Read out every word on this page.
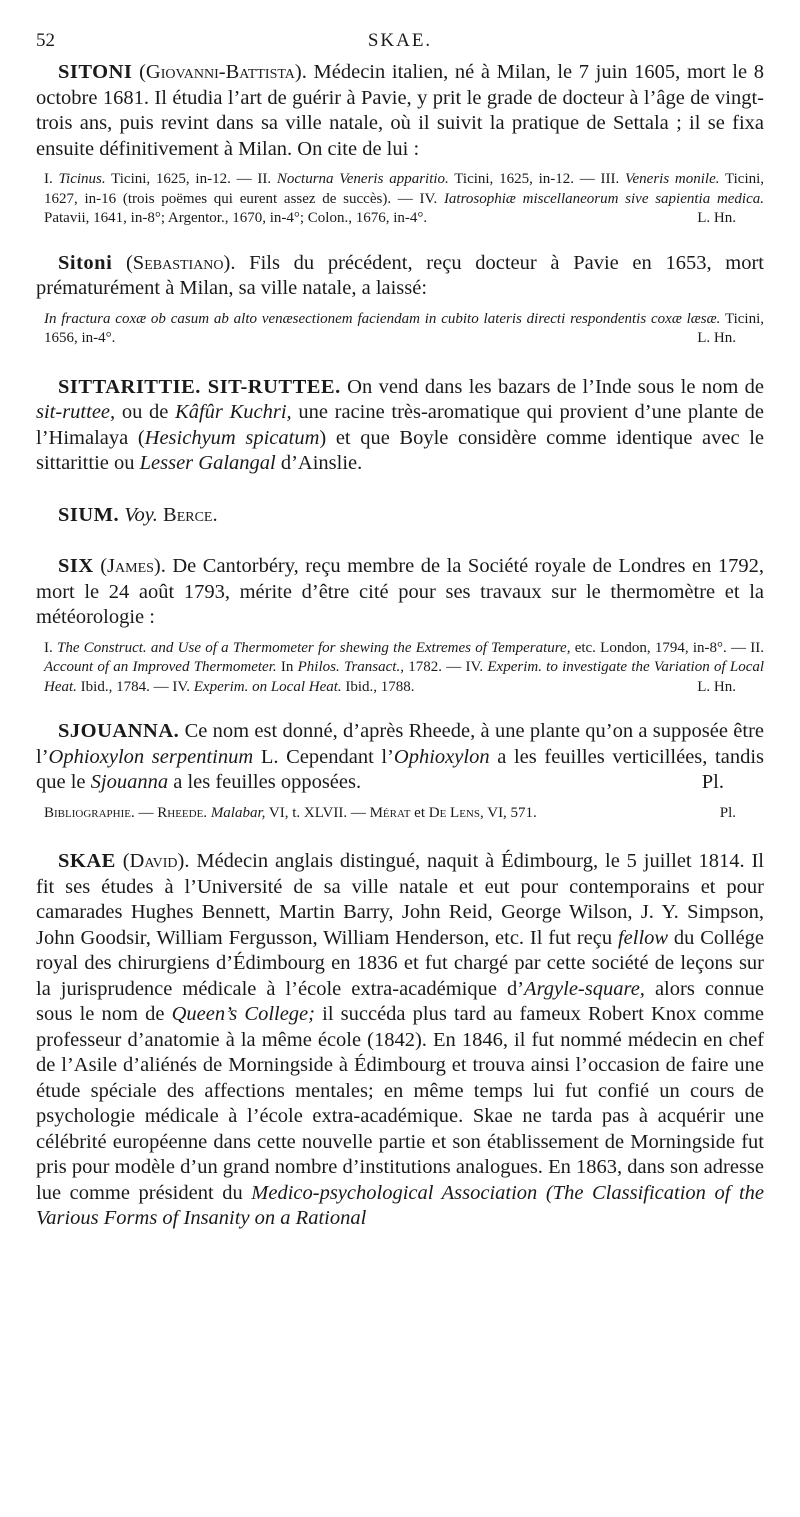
52	SKAE.

SITONI (Giovanni-Battista). Médecin italien, né à Milan, le 7 juin 1605, mort le 8 octobre 1681. Il étudia l’art de guérir à Pavie, y prit le grade de docteur à l’âge de vingt-trois ans, puis revint dans sa ville natale, où il suivit la pratique de Settala ; il se fixa ensuite définitivement à Milan. On cite de lui :

I. Ticinus. Ticini, 1625, in-12. — II. Nocturna Veneris apparitio. Ticini, 1625, in-12. — III. Veneris monile. Ticini, 1627, in-16 (trois poëmes qui eurent assez de succès). — IV. Iatrosophiæ miscellaneorum sive sapientia medica. Patavii, 1641, in-8°; Argentor., 1670, in-4°; Colon., 1676, in-4°.	L. Hn.

Sitoni (Sebastiano). Fils du précédent, reçu docteur à Pavie en 1653, mort prématurément à Milan, sa ville natale, a laissé:

In fractura coxæ ob casum ab alto venæsectionem faciendam in cubito lateris directi respondentis coxæ læsæ. Ticini, 1656, in-4°.	L. Hn.

SITTARITTIE. SIT-RUTTEE. On vend dans les bazars de l’Inde sous le nom de sit-ruttee, ou de Kâfûr Kuchri, une racine très-aromatique qui provient d’une plante de l’Himalaya (Hesichyum spicatum) et que Boyle considère comme identique avec le sittarittie ou Lesser Galangal d’Ainslie.

SIUM. Voy. Berce.

SIX (James). De Cantorbéry, reçu membre de la Société royale de Londres en 1792, mort le 24 août 1793, mérite d’être cité pour ses travaux sur le thermomètre et la météorologie :

I. The Construct. and Use of a Thermometer for shewing the Extremes of Temperature, etc. London, 1794, in-8°. — II. Account of an Improved Thermometer. In Philos. Transact., 1782. — IV. Experim. to investigate the Variation of Local Heat. Ibid., 1784. — IV. Experim. on Local Heat. Ibid., 1788.	L. Hn.

SJOUANNA. Ce nom est donné, d’après Rheede, à une plante qu’on a supposée être l’Ophioxylon serpentinum L. Cependant l’Ophioxylon a les feuilles verticillées, tandis que le Sjouanna a les feuilles opposées.	Pl.

Bibliographie. — Rheede. Malabar, VI, t. XLVII. — Mérat et De Lens, VI, 571.	Pl.

SKAE (David). Médecin anglais distingué, naquit à Édimbourg, le 5 juillet 1814. Il fit ses études à l’Université de sa ville natale et eut pour contemporains et pour camarades Hughes Bennett, Martin Barry, John Reid, George Wilson, J. Y. Simpson, John Goodsir, William Fergusson, William Henderson, etc. Il fut reçu fellow du Collége royal des chirurgiens d’Édimbourg en 1836 et fut chargé par cette société de leçons sur la jurisprudence médicale à l’école extra-académique d’Argyle-square, alors connue sous le nom de Queen’s College; il succéda plus tard au fameux Robert Knox comme professeur d’anatomie à la même école (1842). En 1846, il fut nommé médecin en chef de l’Asile d’aliénés de Morningside à Édimbourg et trouva ainsi l’occasion de faire une étude spéciale des affections mentales; en même temps lui fut confié un cours de psychologie médicale à l’école extra-académique. Skae ne tarda pas à acquérir une célébrité européenne dans cette nouvelle partie et son établissement de Morningside fut pris pour modèle d’un grand nombre d’institutions analogues. En 1863, dans son adresse lue comme président du Medico-psychological Association (The Classification of the Various Forms of Insanity on a Rational
